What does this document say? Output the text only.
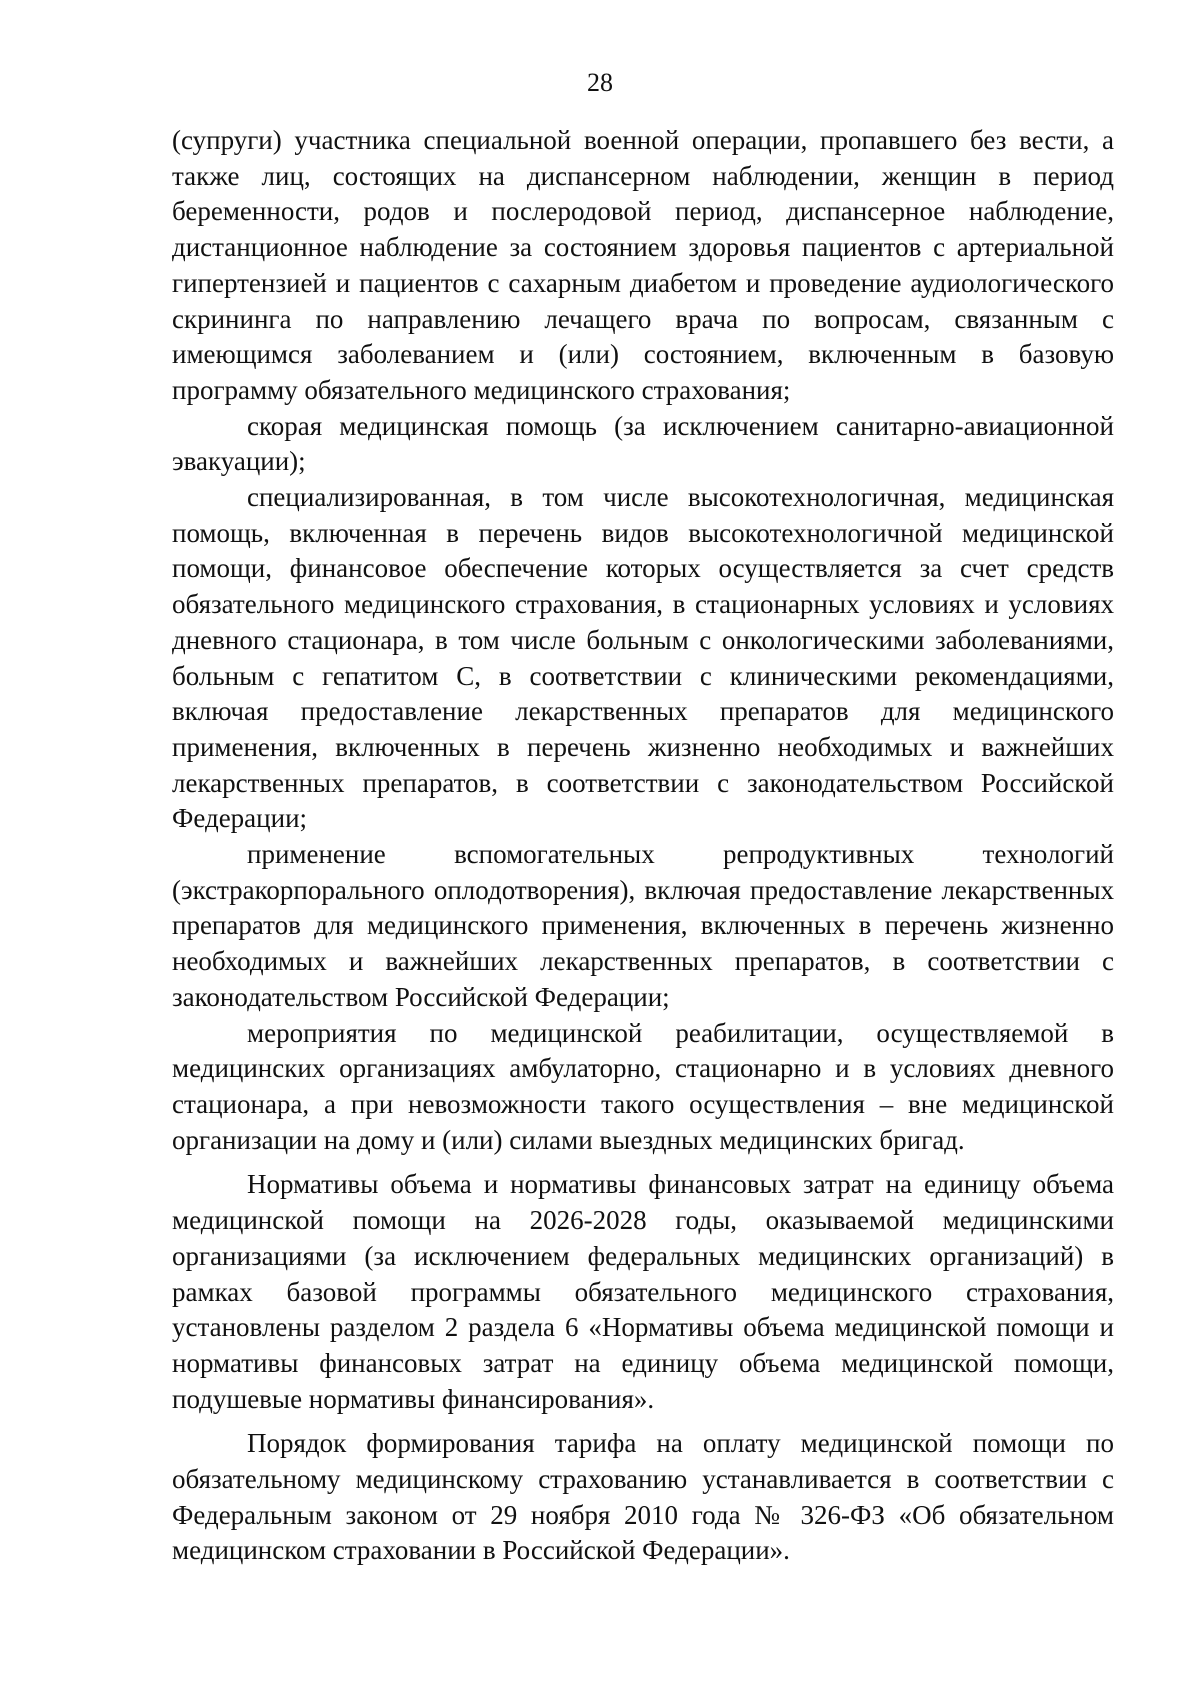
28

(супруги) участника специальной военной операции, пропавшего без вести, а также лиц, состоящих на диспансерном наблюдении, женщин в период беременности, родов и послеродовой период, диспансерное наблюдение, дистанционное наблюдение за состоянием здоровья пациентов с артериальной гипертензией и пациентов с сахарным диабетом и проведение аудиологического скрининга по направлению лечащего врача по вопросам, связанным с имеющимся заболеванием и (или) состоянием, включенным в базовую программу обязательного медицинского страхования;

скорая медицинская помощь (за исключением санитарно-авиационной эвакуации);

специализированная, в том числе высокотехнологичная, медицинская помощь, включенная в перечень видов высокотехнологичной медицинской помощи, финансовое обеспечение которых осуществляется за счет средств обязательного медицинского страхования, в стационарных условиях и условиях дневного стационара, в том числе больным с онкологическими заболеваниями, больным с гепатитом С, в соответствии с клиническими рекомендациями, включая предоставление лекарственных препаратов для медицинского применения, включенных в перечень жизненно необходимых и важнейших лекарственных препаратов, в соответствии с законодательством Российской Федерации;

применение вспомогательных репродуктивных технологий (экстракорпорального оплодотворения), включая предоставление лекарственных препаратов для медицинского применения, включенных в перечень жизненно необходимых и важнейших лекарственных препаратов, в соответствии с законодательством Российской Федерации;

мероприятия по медицинской реабилитации, осуществляемой в медицинских организациях амбулаторно, стационарно и в условиях дневного стационара, а при невозможности такого осуществления – вне медицинской организации на дому и (или) силами выездных медицинских бригад.

Нормативы объема и нормативы финансовых затрат на единицу объема медицинской помощи на 2026-2028 годы, оказываемой медицинскими организациями (за исключением федеральных медицинских организаций) в рамках базовой программы обязательного медицинского страхования, установлены разделом 2 раздела 6 «Нормативы объема медицинской помощи и нормативы финансовых затрат на единицу объема медицинской помощи, подушевые нормативы финансирования».

Порядок формирования тарифа на оплату медицинской помощи по обязательному медицинскому страхованию устанавливается в соответствии с Федеральным законом от 29 ноября 2010 года № 326-ФЗ «Об обязательном медицинском страховании в Российской Федерации».
